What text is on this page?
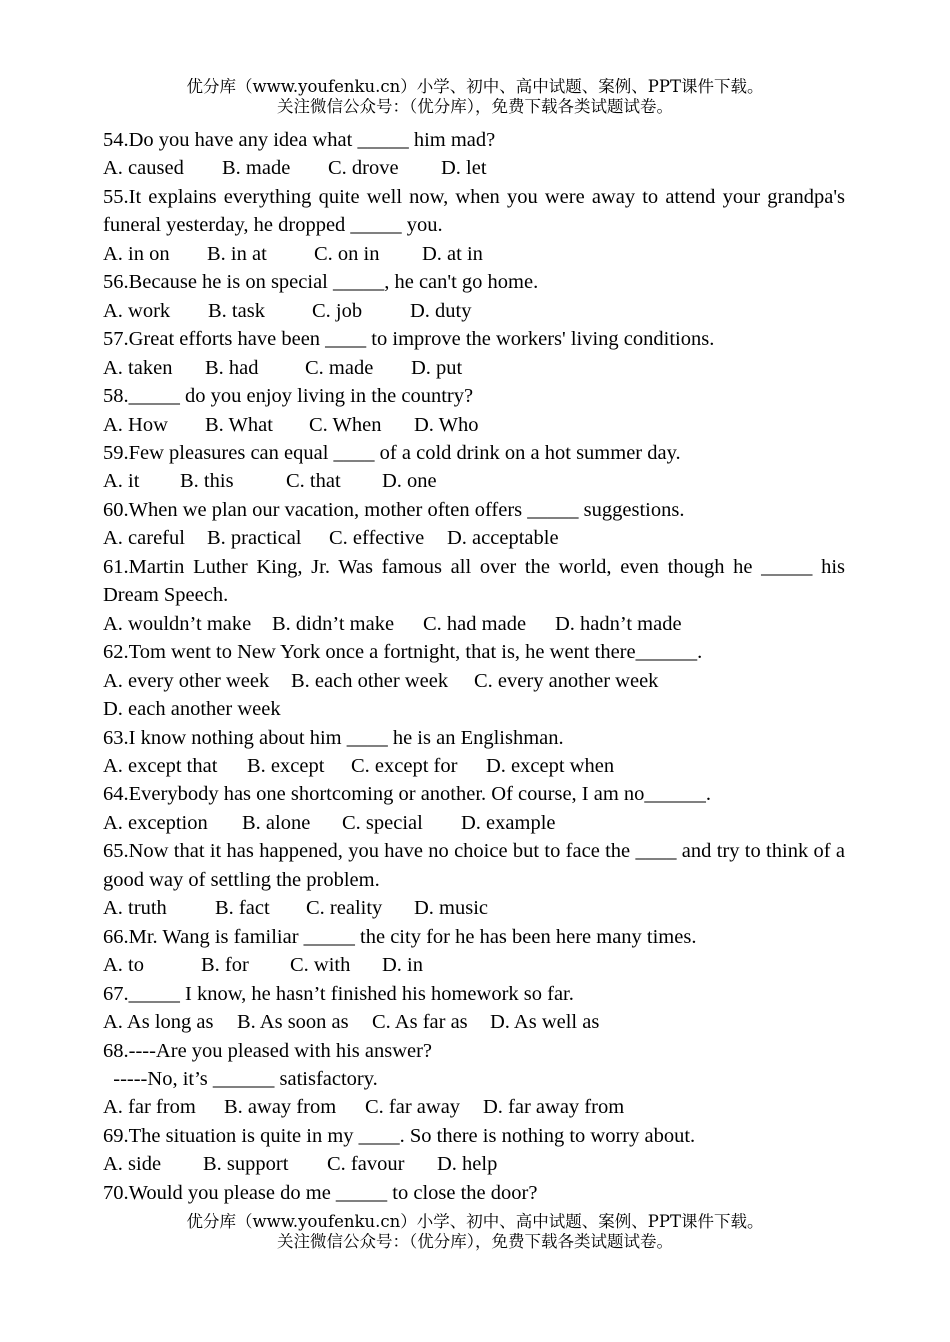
优分库（www.youfenku.cn）小学、初中、高中试题、案例、PPT课件下载。
关注微信公众号：（优分库），免费下载各类试题试卷。
54.Do you have any idea what _____ him mad?
A. caused B. made C. drove D. let
55.It explains everything quite well now, when you were away to attend your grandpa's funeral yesterday, he dropped _____ you.
A. in on B. in at C. on in D. at in
56.Because he is on special _____, he can't go home.
A. work B. task C. job D. duty
57.Great efforts have been ____ to improve the workers' living conditions.
A. taken B. had C. made D. put
58._____ do you enjoy living in the country?
A. How B. What C. When D. Who
59.Few pleasures can equal ____ of a cold drink on a hot summer day.
A. it B. this	C. that D. one
60.When we plan our vacation, mother often offers _____ suggestions.
A. careful B. practical C. effective D. acceptable
61.Martin Luther King, Jr. Was famous all over the world, even though he _____ his Dream Speech.
A. wouldn’t make B. didn’t make C. had made D. hadn’t made
62.Tom went to New York once a fortnight, that is, he went there______.
A. every other week B. each other week C. every another week
D. each another week
63.I know nothing about him ____ he is an Englishman.
A. except that B. except C. except for D. except when
64.Everybody has one shortcoming or another. Of course, I am no______.
A. exception B. alone C. special D. example
65.Now that it has happened, you have no choice but to face the ____ and try to think of a good way of settling the problem.
A. truth B. fact C. reality D. music
66.Mr. Wang is familiar _____ the city for he has been here many times.
A. to	B. for C. with D. in
67._____ I know, he hasn’t finished his homework so far.
A. As long as B. As soon as C. As far as D. As well as
68.----Are you pleased with his answer?
-----No, it’s ______ satisfactory.
A. far from B. away from C. far away D. far away from
69.The situation is quite in my ____. So there is nothing to worry about.
A. side B. support C. favour D. help
70.Would you please do me _____ to close the door?
优分库（www.youfenku.cn）小学、初中、高中试题、案例、PPT课件下载。
关注微信公众号：（优分库），免费下载各类试题试卷。
